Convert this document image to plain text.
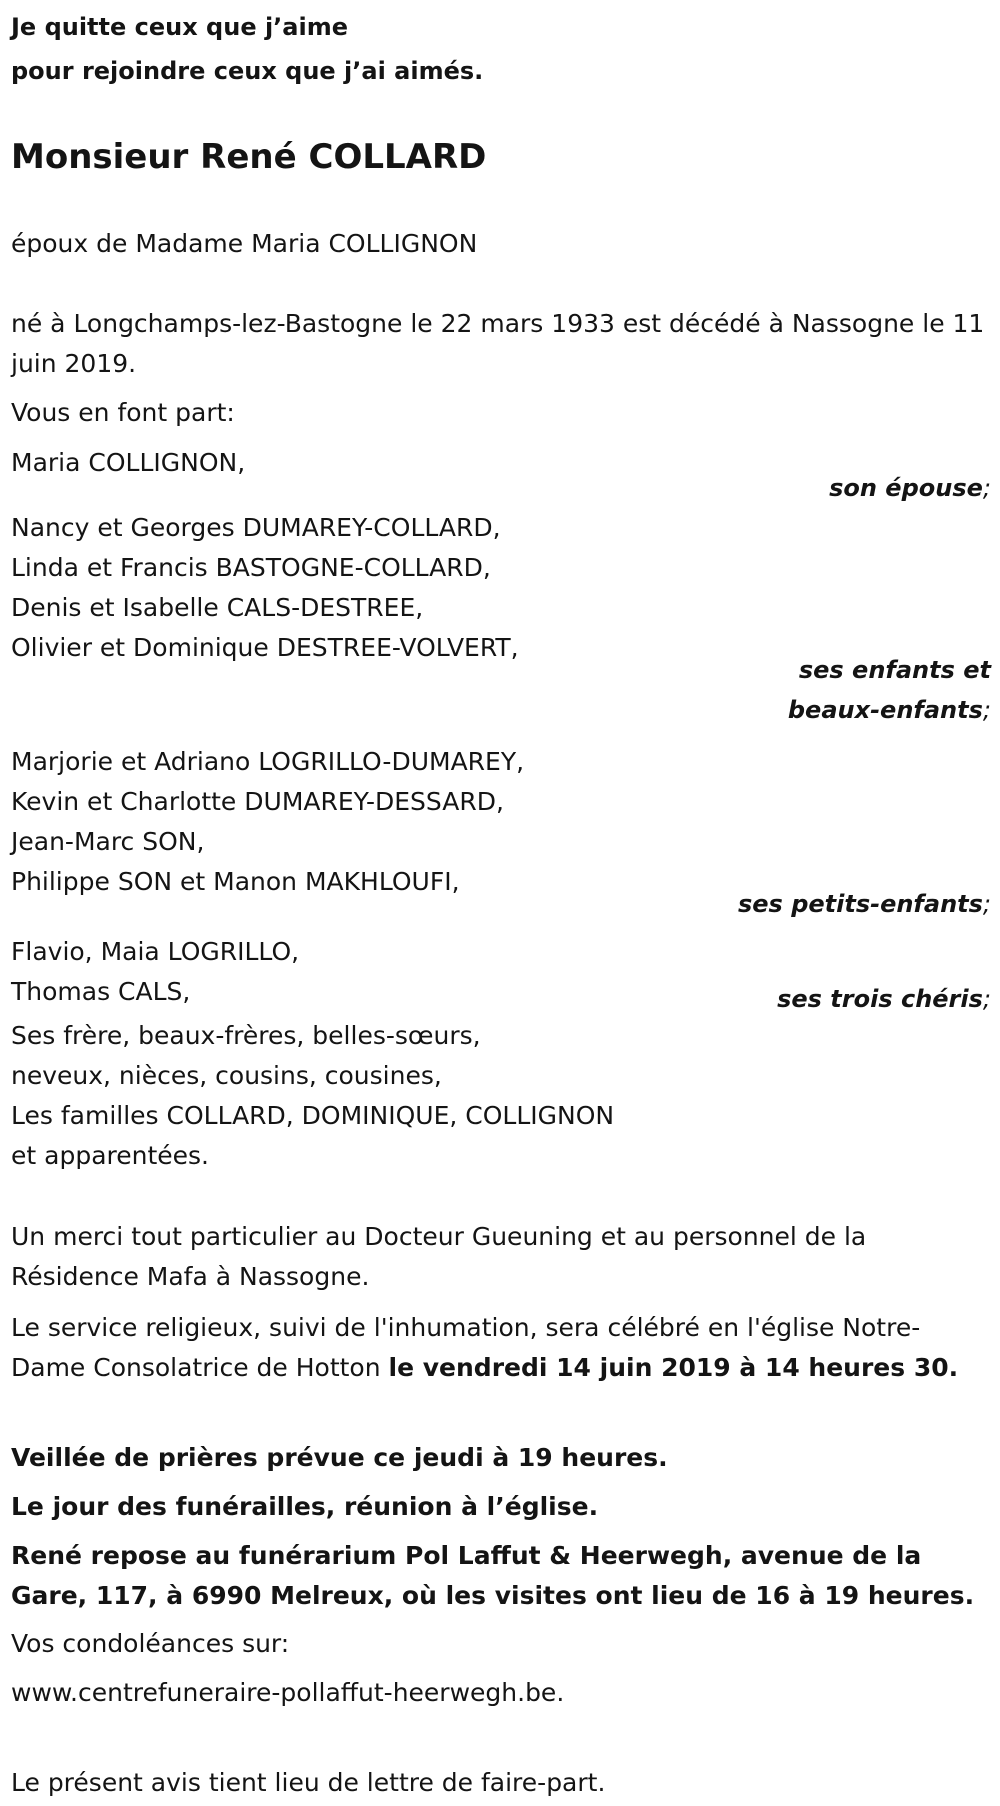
Je quitte ceux que j’aime
pour rejoindre ceux que j’ai aimés.
Monsieur René COLLARD
époux de Madame Maria COLLIGNON
né à Longchamps-lez-Bastogne le 22 mars 1933 est décédé à Nassogne le 11 juin 2019.
Vous en font part:
Maria COLLIGNON,
son épouse;
Nancy et Georges DUMAREY-COLLARD,
Linda et Francis BASTOGNE-COLLARD,
Denis et Isabelle CALS-DESTREE,
Olivier et Dominique DESTREE-VOLVERT,
ses enfants et
beaux-enfants;
Marjorie et Adriano LOGRILLO-DUMAREY,
Kevin et Charlotte DUMAREY-DESSARD,
Jean-Marc SON,
Philippe SON et Manon MAKHLOUFI,
ses petits-enfants;
Flavio, Maia LOGRILLO,
Thomas CALS,	ses trois chéris;
Ses frère, beaux-frères, belles-sœurs,
neveux, nièces, cousins, cousines,
Les familles COLLARD, DOMINIQUE, COLLIGNON
et apparentées.
Un merci tout particulier au Docteur Gueuning et au personnel de la Résidence Mafa à Nassogne.
Le service religieux, suivi de l'inhumation, sera célébré en l'église Notre-Dame Consolatrice de Hotton le vendredi 14 juin 2019 à 14 heures 30.
Veillée de prières prévue ce jeudi à 19 heures.
Le jour des funérailles, réunion à l’église.
René repose au funérarium Pol Laffut & Heerwegh, avenue de la Gare, 117, à 6990 Melreux, où les visites ont lieu de 16 à 19 heures.
Vos condoléances sur:
www.centrefuneraire-pollaffut-heerwegh.be.
Le présent avis tient lieu de lettre de faire-part.
